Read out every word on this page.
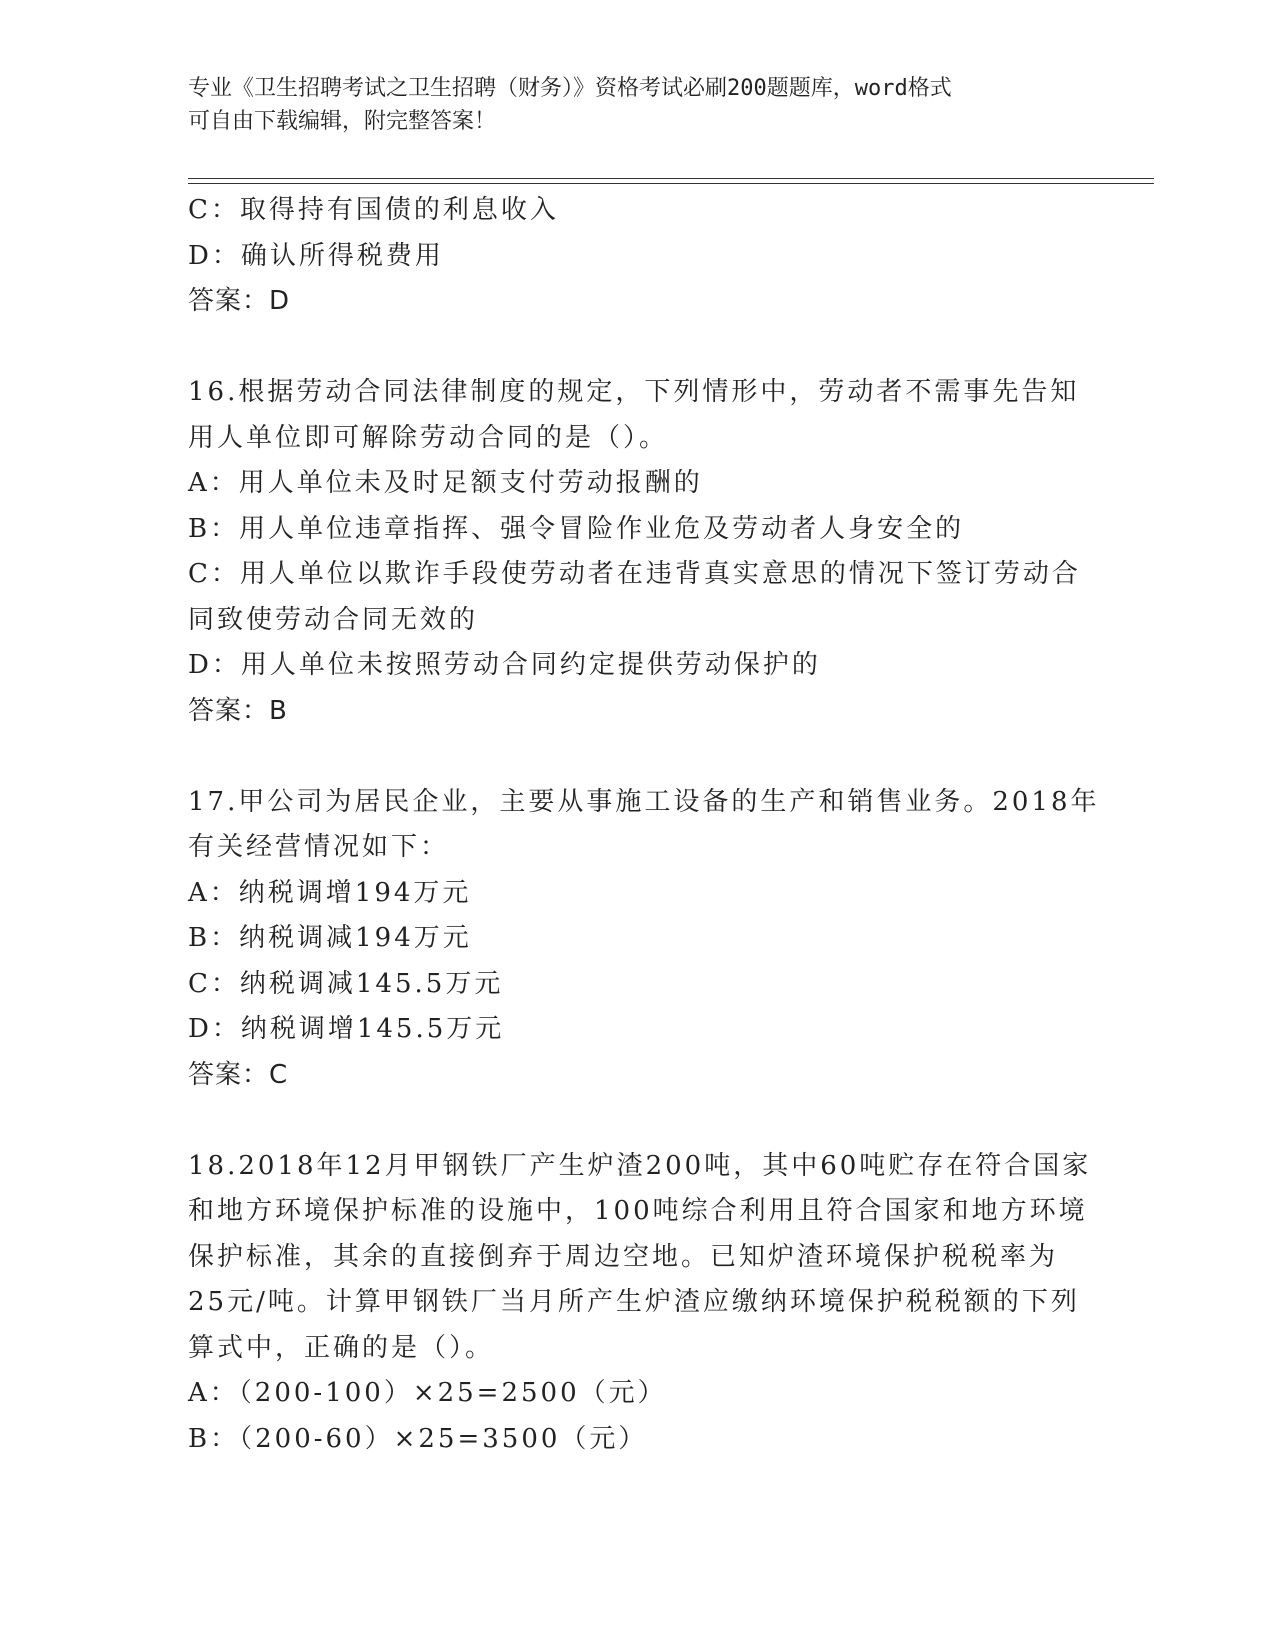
专业《卫生招聘考试之卫生招聘（财务）》资格考试必刷200题题库，word格式
可自由下载编辑，附完整答案！
C：取得持有国债的利息收入
D：确认所得税费用
答案：D
16.根据劳动合同法律制度的规定，下列情形中，劳动者不需事先告知
用人单位即可解除劳动合同的是（）。
A：用人单位未及时足额支付劳动报酬的
B：用人单位违章指挥、强令冒险作业危及劳动者人身安全的
C：用人单位以欺诈手段使劳动者在违背真实意思的情况下签订劳动合
同致使劳动合同无效的
D：用人单位未按照劳动合同约定提供劳动保护的
答案：B
17.甲公司为居民企业，主要从事施工设备的生产和销售业务。2018年
有关经营情况如下：
A：纳税调增194万元
B：纳税调减194万元
C：纳税调减145.5万元
D：纳税调增145.5万元
答案：C
18.2018年12月甲钢铁厂产生炉渣200吨，其中60吨贮存在符合国家
和地方环境保护标准的设施中，100吨综合利用且符合国家和地方环境
保护标准，其余的直接倒弃于周边空地。已知炉渣环境保护税税率为
25元/吨。计算甲钢铁厂当月所产生炉渣应缴纳环境保护税税额的下列
算式中，正确的是（）。
A：（200-100）×25=2500（元）
B：（200-60）×25=3500（元）
